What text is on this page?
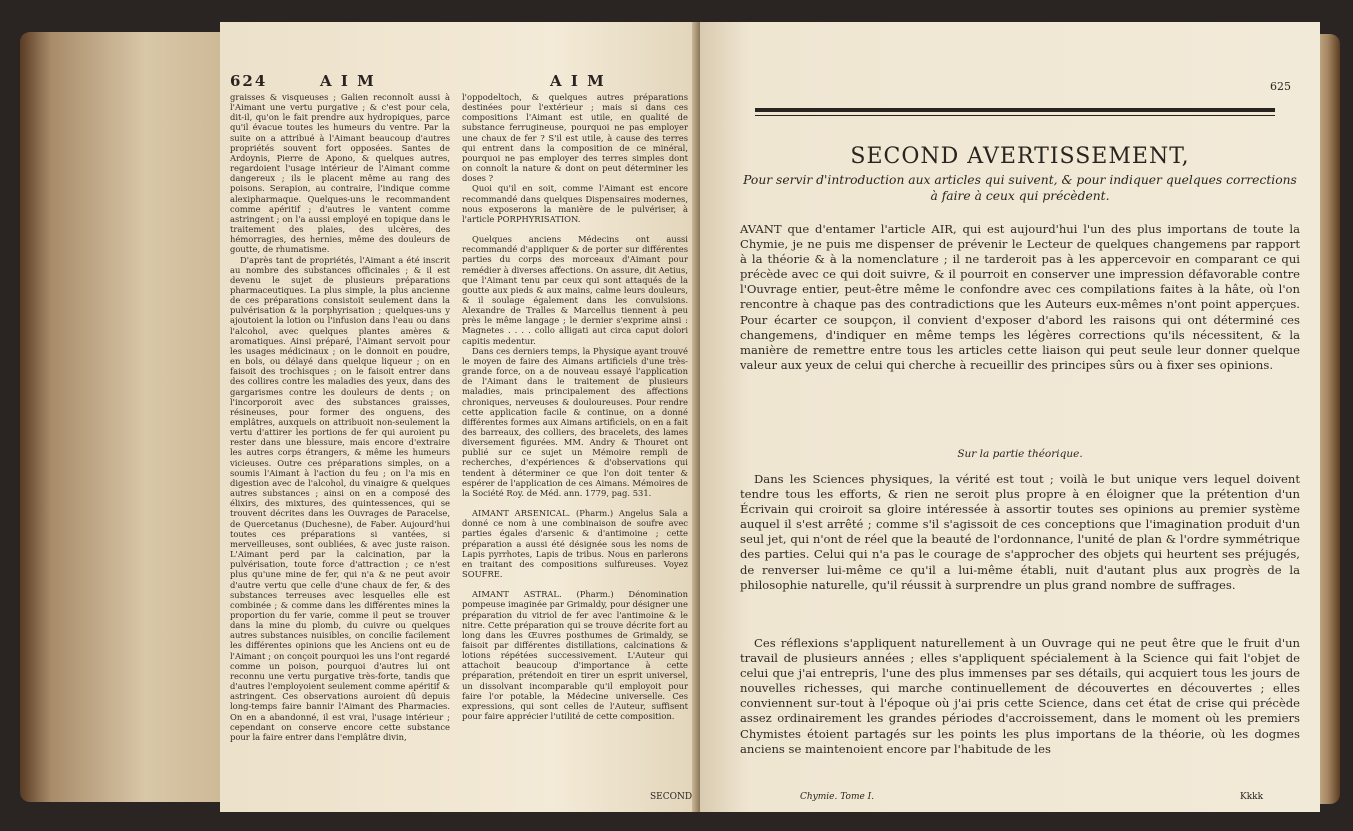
624	A I M	A I M

graisses & visqueuses ; Galien reconnoît aussi à l'Aimant une vertu purgative ; & c'est pour cela, dit-il, qu'on le fait prendre aux hydropiques, parce qu'il évacue toutes les humeurs du ventre. Par la suite on a attribué à l'Aimant beaucoup d'autres propriétés souvent fort opposées. Santes de Ardoynis, Pierre de Apono, & quelques autres, regardoient l'usage intérieur de l'Aimant comme dangereux ; ils le placent même au rang des poisons. Serapion, au contraire, l'indique comme alexipharmaque. Quelques-uns le recommandent comme apéritif ; d'autres le vantent comme astringent ; on l'a aussi employé en topique dans le traitement des plaies, des ulcères, des hémorragies, des hernies, même des douleurs de goutte, de rhumatisme.

D'après tant de propriétés, l'Aimant a été inscrit au nombre des substances officinales ; & il est devenu le sujet de plusieurs préparations pharmaceutiques. La plus simple, la plus ancienne de ces préparations consistoit seulement dans la pulvérisation & la porphyrisation ; quelques-uns y ajoutoient la lotion ou l'infusion dans l'eau ou dans l'alcohol, avec quelques plantes amères & aromatiques. Ainsi préparé, l'Aimant servoit pour les usages médicinaux ; on le donnoit en poudre, en bols, ou délayé dans quelque liqueur ; on en faisoit des trochisques ; on le faisoit entrer dans des collires contre les maladies des yeux, dans des gargarismes contre les douleurs de dents ; on l'incorporoit avec des substances graisses, résineuses, pour former des onguens, des emplâtres, auxquels on attribuoit non-seulement la vertu d'attirer les portions de fer qui auroient pu rester dans une blessure, mais encore d'extraire les autres corps étrangers, & même les humeurs vicieuses. Outre ces préparations simples, on a soumis l'Aimant à l'action du feu ; on l'a mis en digestion avec de l'alcohol, du vinaigre & quelques autres substances ; ainsi on en a composé des élixirs, des mixtures, des quintessences, qui se trouvent décrites dans les Ouvrages de Paracelse, de Quercetanus (Duchesne), de Faber. Aujourd'hui toutes ces préparations si vantées, si merveilleuses, sont oubliées, & avec juste raison. L'Aimant perd par la calcination, par la pulvérisation, toute force d'attraction ; ce n'est plus qu'une mine de fer, qui n'a & ne peut avoir d'autre vertu que celle d'une chaux de fer, & des substances terreuses avec lesquelles elle est combinée ; & comme dans les différentes mines la proportion du fer varie, comme il peut se trouver dans la mine du plomb, du cuivre ou quelques autres substances nuisibles, on concilie facilement les différentes opinions que les Anciens ont eu de l'Aimant ; on conçoit pourquoi les uns l'ont regardé comme un poison, pourquoi d'autres lui ont reconnu une vertu purgative très-forte, tandis que d'autres l'employoient seulement comme apéritif & astringent. Ces observations auroient dû depuis long-temps faire bannir l'Aimant des Pharmacies. On en a abandonné, il est vrai, l'usage intérieur ; cependant on conserve encore cette substance pour la faire entrer dans l'emplâtre divin,

l'oppodeltoch, & quelques autres préparations destinées pour l'extérieur ; mais si dans ces compositions l'Aimant est utile, en qualité de substance ferrugineuse, pourquoi ne pas employer une chaux de fer ? S'il est utile, à cause des terres qui entrent dans la composition de ce minéral, pourquoi ne pas employer des terres simples dont on connoît la nature & dont on peut déterminer les doses ?

Quoi qu'il en soit, comme l'Aimant est encore recommandé dans quelques Dispensaires modernes, nous exposerons la manière de le pulvériser, à l'article PORPHYRISATION.

Quelques anciens Médecins ont aussi recommandé d'appliquer & de porter sur différentes parties du corps des morceaux d'Aimant pour remédier à diverses affections. On assure, dit Aetius, que l'Aimant tenu par ceux qui sont attaqués de la goutte aux pieds & aux mains, calme leurs douleurs, & il soulage également dans les convulsions. Alexandre de Tralles & Marcellus tiennent à peu près le même langage ; le dernier s'exprime ainsi : Magnetes . . . . collo alligati aut circa caput dolori capitis medentur.

Dans ces derniers temps, la Physique ayant trouvé le moyen de faire des Aimans artificiels d'une très-grande force, on a de nouveau essayé l'application de l'Aimant dans le traitement de plusieurs maladies, mais principalement des affections chroniques, nerveuses & douloureuses. Pour rendre cette application facile & continue, on a donné différentes formes aux Aimans artificiels, on en a fait des barreaux, des colliers, des bracelets, des lames diversement figurées. MM. Andry & Thouret ont publié sur ce sujet un Mémoire rempli de recherches, d'expériences & d'observations qui tendent à déterminer ce que l'on doit tenter & espérer de l'application de ces Aimans. Mémoires de la Société Roy. de Méd. ann. 1779, pag. 531.

AIMANT ARSENICAL. (Pharm.) Angelus Sala a donné ce nom à une combinaison de soufre avec parties égales d'arsenic & d'antimoine ; cette préparation a aussi été désignée sous les noms de Lapis pyrrhotes, Lapis de tribus. Nous en parlerons en traitant des compositions sulfureuses. Voyez SOUFRE.

AIMANT ASTRAL. (Pharm.) Dénomination pompeuse imaginée par Grimaldy, pour désigner une préparation du vitriol de fer avec l'antimoine & le nitre. Cette préparation qui se trouve décrite fort au long dans les Œuvres posthumes de Grimaldy, se faisoit par différentes distillations, calcinations & lotions répétées successivement. L'Auteur qui attachoit beaucoup d'importance à cette préparation, prétendoit en tirer un esprit universel, un dissolvant incomparable qu'il employoit pour faire l'or potable, la Médecine universelle. Ces expressions, qui sont celles de l'Auteur, suffisent pour faire apprécier l'utilité de cette composition.

SECOND
625
SECOND AVERTISSEMENT,
Pour servir d'introduction aux articles qui suivent, & pour indiquer quelques corrections à faire à ceux qui précèdent.
AVANT que d'entamer l'article AIR, qui est aujourd'hui l'un des plus importans de toute la Chymie, je ne puis me dispenser de prévenir le Lecteur de quelques changemens par rapport à la théorie & à la nomenclature ; il ne tarderoit pas à les appercevoir en comparant ce qui précède avec ce qui doit suivre, & il pourroit en conserver une impression défavorable contre l'Ouvrage entier, peut-être même le confondre avec ces compilations faites à la hâte, où l'on rencontre à chaque pas des contradictions que les Auteurs eux-mêmes n'ont point apperçues. Pour écarter ce soupçon, il convient d'exposer d'abord les raisons qui ont déterminé ces changemens, d'indiquer en même temps les légères corrections qu'ils nécessitent, & la manière de remettre entre tous les articles cette liaison qui peut seule leur donner quelque valeur aux yeux de celui qui cherche à recueillir des principes sûrs ou à fixer ses opinions.
Sur la partie théorique.
Dans les Sciences physiques, la vérité est tout ; voilà le but unique vers lequel doivent tendre tous les efforts, & rien ne seroit plus propre à en éloigner que la prétention d'un Écrivain qui croiroit sa gloire intéressée à assortir toutes ses opinions au premier système auquel il s'est arrêté ; comme s'il s'agissoit de ces conceptions que l'imagination produit d'un seul jet, qui n'ont de réel que la beauté de l'ordonnance, l'unité de plan & l'ordre symmétrique des parties. Celui qui n'a pas le courage de s'approcher des objets qui heurtent ses préjugés, de renverser lui-même ce qu'il a lui-même établi, nuit d'autant plus aux progrès de la philosophie naturelle, qu'il réussit à surprendre un plus grand nombre de suffrages.
Ces réflexions s'appliquent naturellement à un Ouvrage qui ne peut être que le fruit d'un travail de plusieurs années ; elles s'appliquent spécialement à la Science qui fait l'objet de celui que j'ai entrepris, l'une des plus immenses par ses détails, qui acquiert tous les jours de nouvelles richesses, qui marche continuellement de découvertes en découvertes ; elles conviennent sur-tout à l'époque où j'ai pris cette Science, dans cet état de crise qui précède assez ordinairement les grandes périodes d'accroissement, dans le moment où les premiers Chymistes étoient partagés sur les points les plus importans de la théorie, où les dogmes anciens se maintenoient encore par l'habitude de les
Chymie. Tome I.	Kkkk
